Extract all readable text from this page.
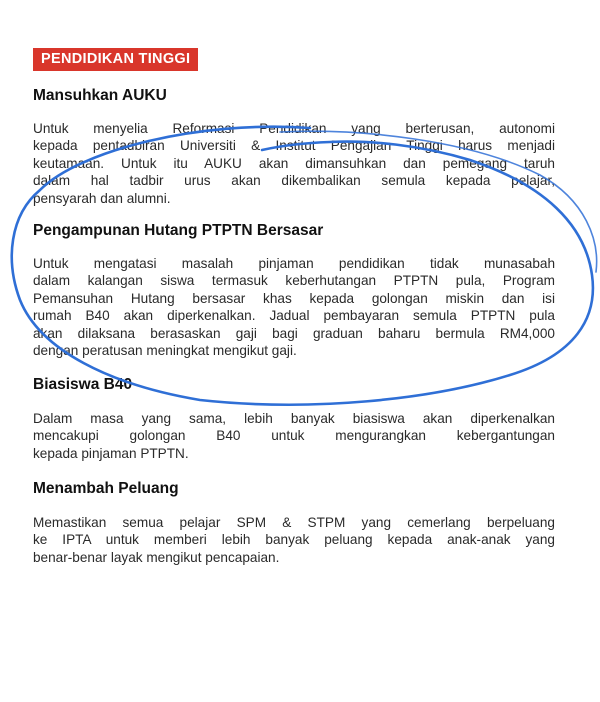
PENDIDIKAN TINGGI
Mansuhkan AUKU
Untuk menyelia Reformasi Pendidikan yang berterusan, autonomi
kepada pentadbiran Universiti & Institut Pengajian Tinggi harus menjadi
keutamaan. Untuk itu AUKU akan dimansuhkan dan pemegang taruh
dalam hal tadbir urus akan dikembalikan semula kepada pelajar,
pensyarah dan alumni.
Pengampunan Hutang PTPTN Bersasar
Untuk mengatasi masalah pinjaman pendidikan tidak munasabah
dalam kalangan siswa termasuk keberhutangan PTPTN pula, Program
Pemansuhan Hutang bersasar khas kepada golongan miskin dan isi
rumah B40 akan diperkenalkan. Jadual pembayaran semula PTPTN pula
akan dilaksana berasaskan gaji bagi graduan baharu bermula RM4,000
dengan peratusan meningkat mengikut gaji.
Biasiswa B40
Dalam masa yang sama, lebih banyak biasiswa akan diperkenalkan
mencakupi golongan B40 untuk mengurangkan kebergantungan
kepada pinjaman PTPTN.
Menambah Peluang
Memastikan semua pelajar SPM & STPM yang cemerlang berpeluang
ke IPTA untuk memberi lebih banyak peluang kepada anak-anak yang
benar-benar layak mengikut pencapaian.
